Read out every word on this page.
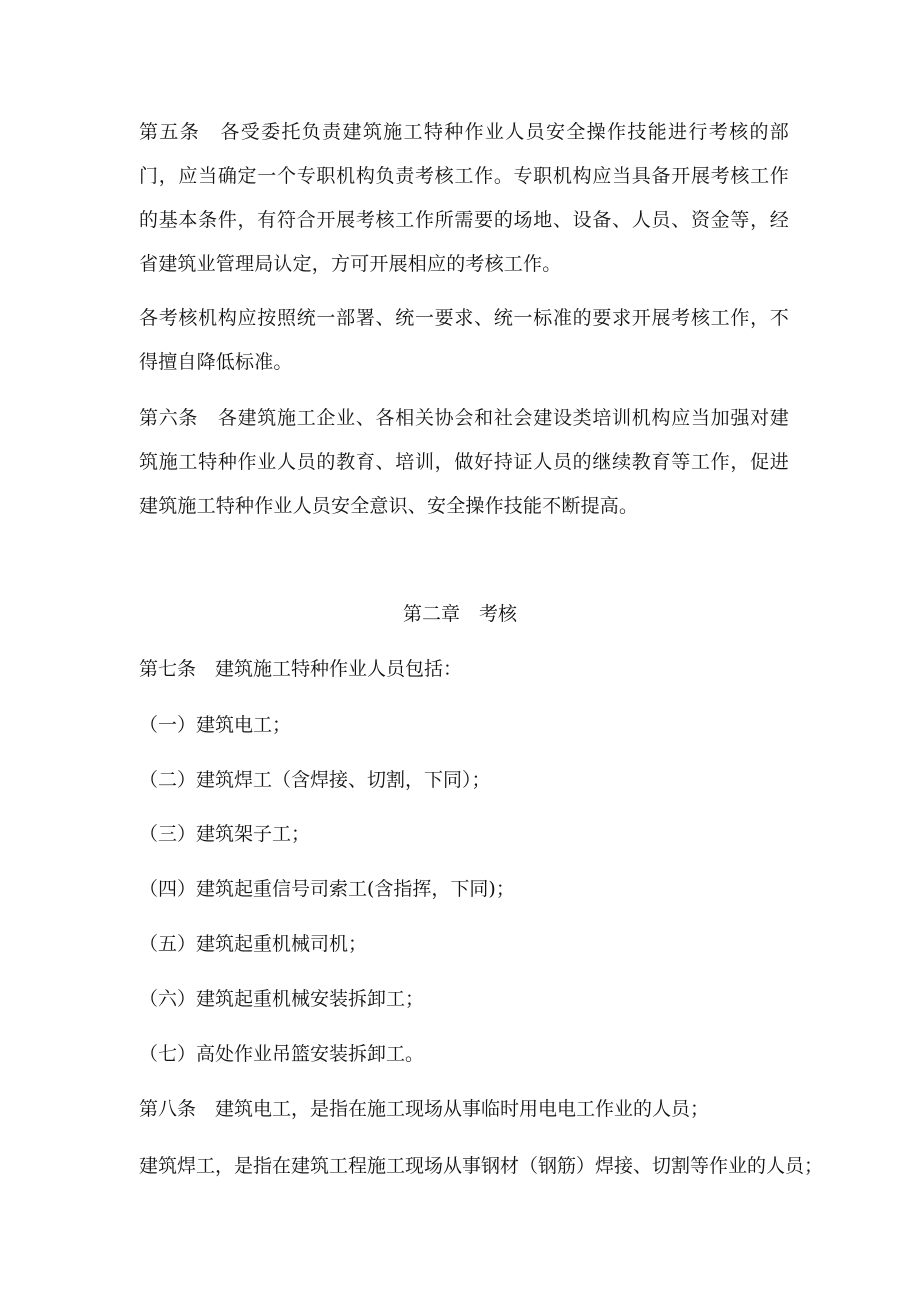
第五条　各受委托负责建筑施工特种作业人员安全操作技能进行考核的部门，应当确定一个专职机构负责考核工作。专职机构应当具备开展考核工作的基本条件，有符合开展考核工作所需要的场地、设备、人员、资金等，经省建筑业管理局认定，方可开展相应的考核工作。

各考核机构应按照统一部署、统一要求、统一标准的要求开展考核工作，不得擅自降低标准。

第六条　各建筑施工企业、各相关协会和社会建设类培训机构应当加强对建筑施工特种作业人员的教育、培训，做好持证人员的继续教育等工作，促进建筑施工特种作业人员安全意识、安全操作技能不断提高。

第二章　考核

第七条　建筑施工特种作业人员包括：

（一）建筑电工；

（二）建筑焊工（含焊接、切割，下同）；

（三）建筑架子工；

（四）建筑起重信号司索工(含指挥，下同)；

（五）建筑起重机械司机；

（六）建筑起重机械安装拆卸工；

（七）高处作业吊篮安装拆卸工。

第八条　建筑电工，是指在施工现场从事临时用电电工作业的人员；

建筑焊工，是指在建筑工程施工现场从事钢材（钢筋）焊接、切割等作业的人员；
